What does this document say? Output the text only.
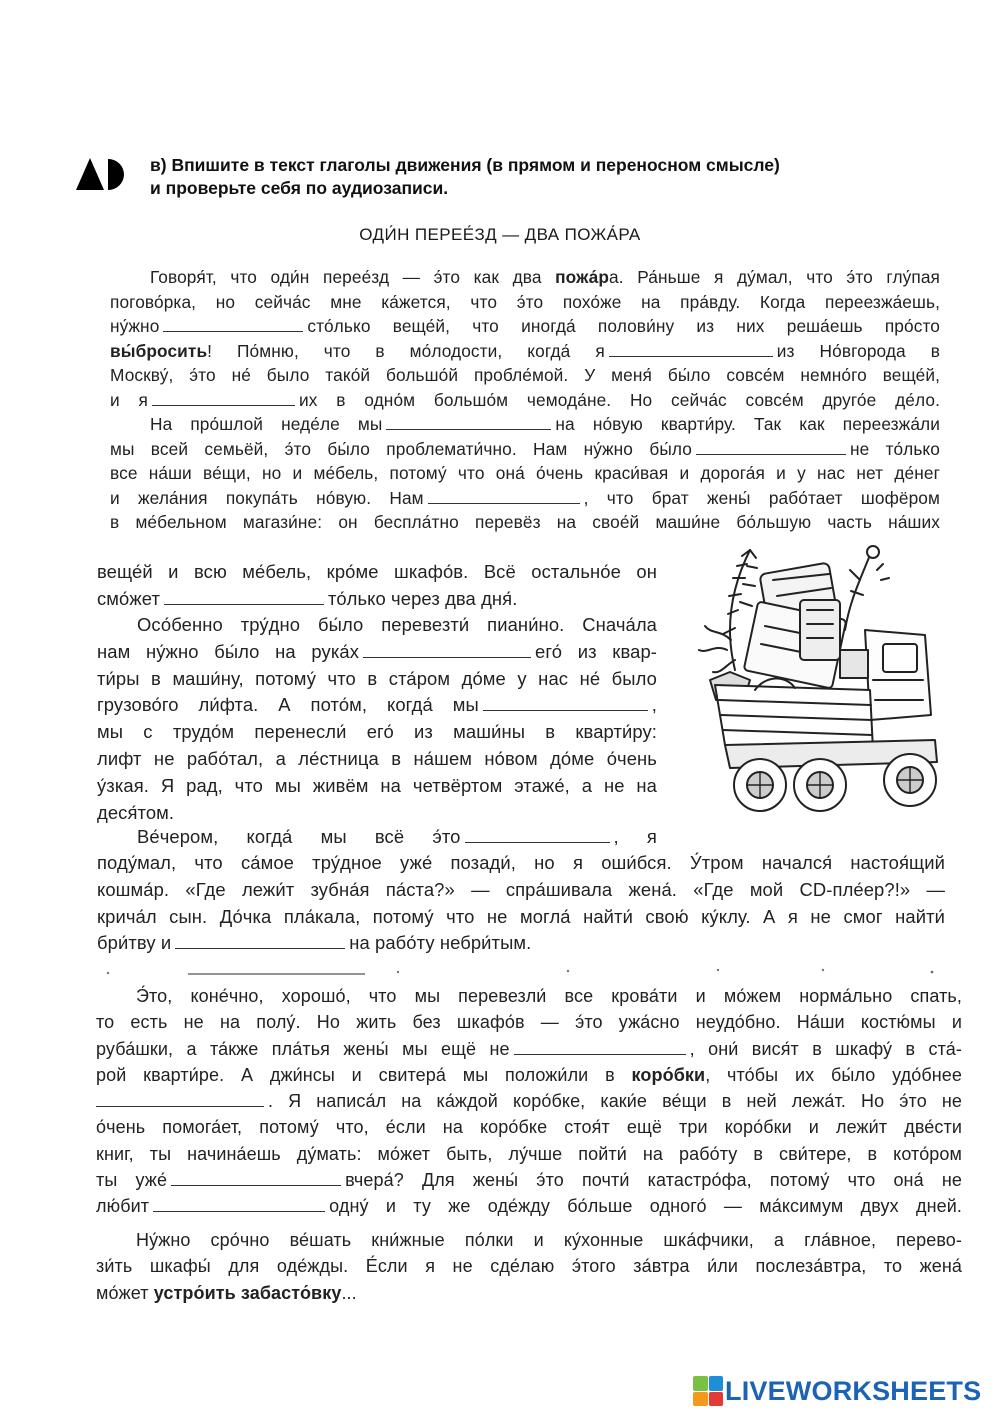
в) Впишите в текст глаголы движения (в прямом и переносном смысле)
и проверьте себя по аудиозаписи.
ОДИ́Н ПЕРЕЕ́ЗД — ДВА ПОЖА́РА
Говоря́т, что оди́н перее́зд — э́то как два пожа́ра. Ра́ньше я ду́мал, что э́то глу́пая
погово́рка, но сейча́с мне ка́жется, что э́то похо́же на пра́вду. Когда переезжа́ешь,
ну́жно	сто́лько веще́й, что иногда́ полови́ну из них реша́ешь про́сто
вы́бросить! По́мню, что в мо́лодости, когда́ я	из Но́вгорода в
Москву́, э́то не́ было тако́й большо́й пробле́мой. У меня́ бы́ло совсе́м немно́го веще́й,
и я	их в одно́м большо́м чемода́не. Но сейча́с совсе́м друго́е де́ло.
На про́шлой неде́ле мы	на но́вую кварти́ру. Так как переезжа́ли
мы всей семьёй, э́то бы́ло проблемати́чно. Нам ну́жно бы́ло	не то́лько
все на́ши ве́щи, но и ме́бель, потому́ что она́ о́чень краси́вая и дорога́я и у нас нет де́нег
и жела́ния покупа́ть но́вую. Нам	, что брат жены́ рабо́тает шофёром
в ме́бельном магази́не: он беспла́тно перевёз на свое́й маши́не бо́льшую часть на́ших
веще́й и всю ме́бель, кро́ме шкафо́в. Всё остально́е он
смо́жет	то́лько через два дня́.
Осо́бенно тру́дно бы́ло перевезти́ пиани́но. Снача́ла
нам ну́жно бы́ло на рука́х	его́ из квар-
ти́ры в маши́ну, потому́ что в ста́ром до́ме у нас не́ было
грузово́го ли́фта. А пото́м, когда́ мы	,
мы с трудо́м перенесли́ его́ из маши́ны в кварти́ру:
лифт не рабо́тал, а ле́стница в на́шем но́вом до́ме о́чень
у́зкая. Я рад, что мы живём на четвёртом этаже́, а не на
деся́том.
Ве́чером, когда́ мы всё э́то	, я
поду́мал, что са́мое тру́дное уже́ позади́, но я оши́бся. У́тром начался́ настоя́щий
кошма́р. «Где лежи́т зубна́я па́ста?» — спра́шивала жена́. «Где мой CD-пле́ер?!» —
крича́л сын. До́чка пла́кала, потому́ что не могла́ найти́ свою́ ку́клу. А я не смог найти́
бри́тву и	на рабо́ту небри́тым.
Э́то, коне́чно, хорошо́, что мы перевезли́ все крова́ти и мо́жем норма́льно спать,
то есть не на полу́. Но жить без шкафо́в — э́то ужа́сно неудо́бно. На́ши костю́мы и
руба́шки, а та́кже пла́тья жены́ мы ещё не	, они́ вися́т в шкафу́ в ста́-
рой кварти́ре. А джи́нсы и свитера́ мы положи́ли в коро́бки, что́бы их бы́ло удо́бнее
. Я написа́л на ка́ждой коро́бке, каки́е ве́щи в ней лежа́т. Но э́то не
о́чень помога́ет, потому́ что, е́сли на коро́бке стоя́т ещё три коро́бки и лежи́т две́сти
книг, ты начина́ешь ду́мать: мо́жет быть, лу́чше пойти́ на рабо́ту в сви́тере, в кото́ром
ты уже́	вчера́? Для жены́ э́то почти́ катастро́фа, потому́ что она́ не
лю́бит	одну́ и ту же оде́жду бо́льше одного́ — ма́ксимум двух дней.
Ну́жно сро́чно ве́шать кни́жные по́лки и ку́хонные шка́фчики, а гла́вное, перево-
зи́ть шкафы́ для оде́жды. Е́сли я не сде́лаю э́того за́втра и́ли послеза́втра, то жена́
мо́жет устро́ить забасто́вку...
LIVEWORKSHEETS
